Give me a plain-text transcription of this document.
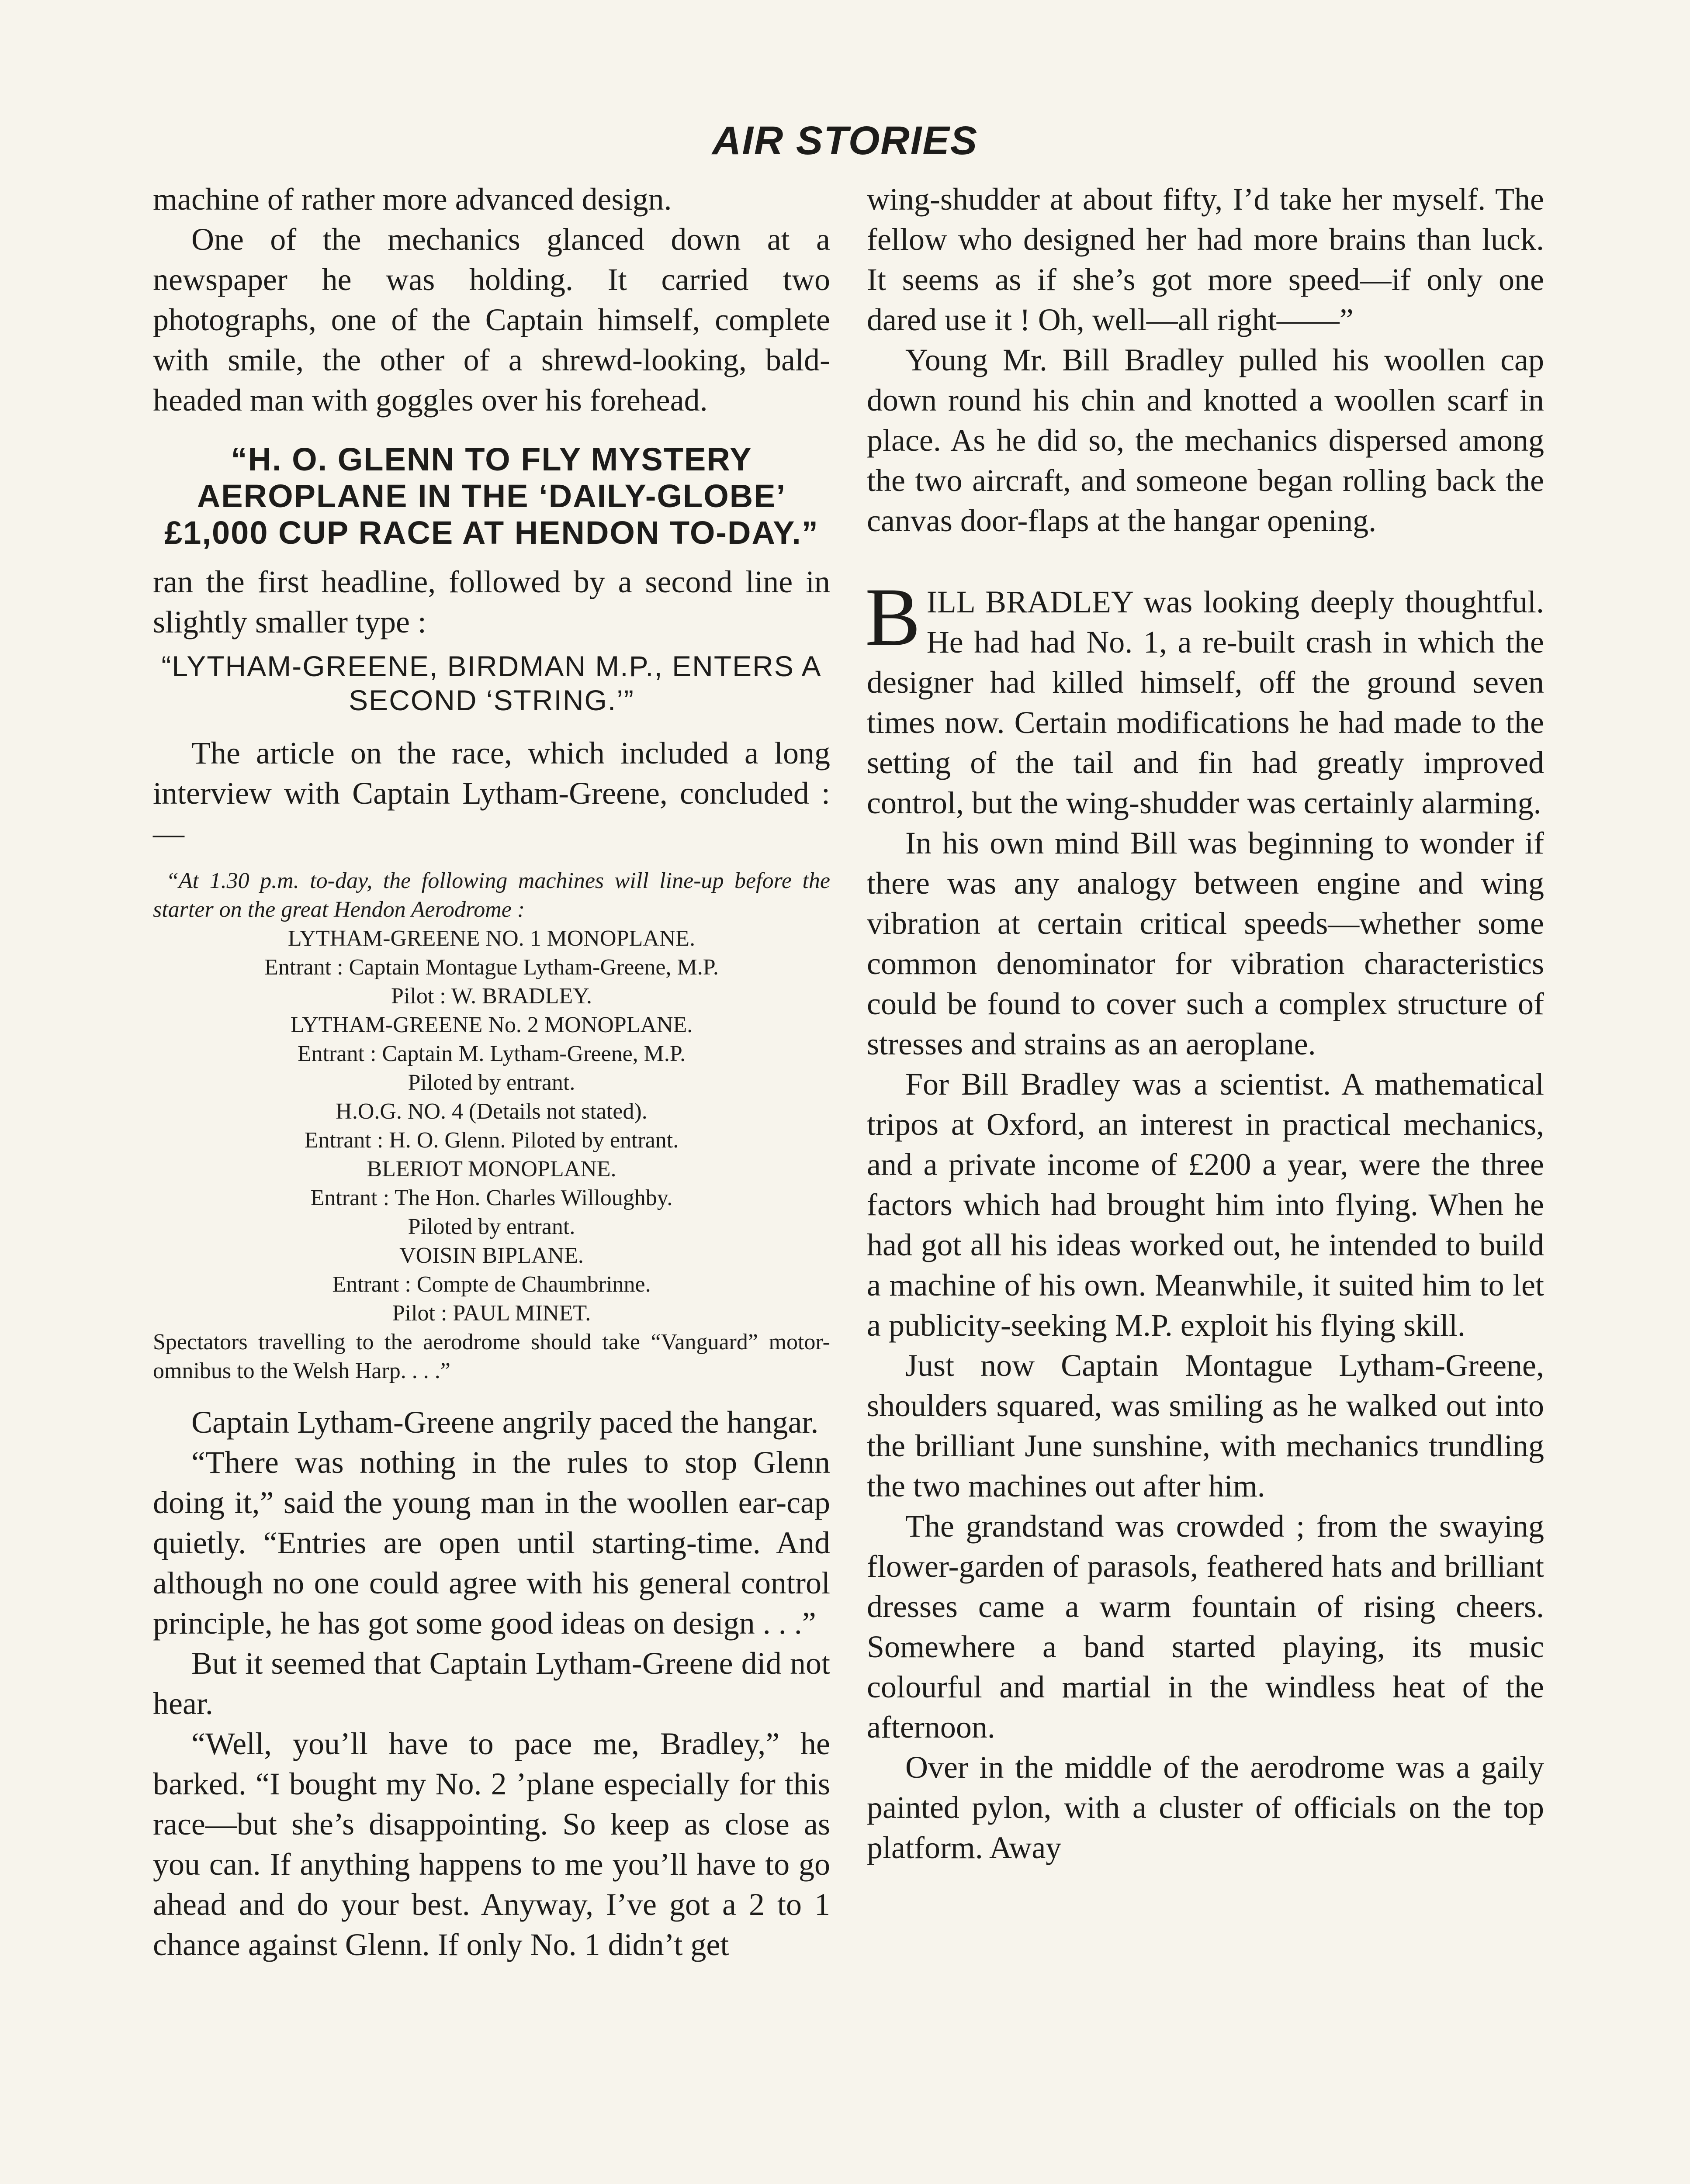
AIR STORIES

machine of rather more advanced design.

One of the mechanics glanced down at a newspaper he was holding. It carried two photographs, one of the Captain himself, complete with smile, the other of a shrewd-looking, bald-headed man with goggles over his forehead.

“H. O. GLENN TO FLY MYSTERY AEROPLANE IN THE ‘DAILY-GLOBE’ £1,000 CUP RACE AT HENDON TO-DAY.”

ran the first headline, followed by a second line in slightly smaller type :

“LYTHAM-GREENE, BIRDMAN M.P., ENTERS A SECOND ‘STRING.’”

The article on the race, which included a long interview with Captain Lytham-Greene, concluded :—

“At 1.30 p.m. to-day, the following machines will line-up before the starter on the great Hendon Aerodrome :

LYTHAM-GREENE NO. 1 MONOPLANE.

Entrant : Captain Montague Lytham-Greene, M.P.

Pilot : W. BRADLEY.

LYTHAM-GREENE No. 2 MONOPLANE.

Entrant : Captain M. Lytham-Greene, M.P.

Piloted by entrant.

H.O.G. NO. 4 (Details not stated).

Entrant : H. O. Glenn. Piloted by entrant.

BLERIOT MONOPLANE.

Entrant : The Hon. Charles Willoughby.

Piloted by entrant.

VOISIN BIPLANE.

Entrant : Compte de Chaumbrinne.

Pilot : PAUL MINET.

Spectators travelling to the aerodrome should take “Vanguard” motor-omnibus to the Welsh Harp. . . .”

Captain Lytham-Greene angrily paced the hangar.

“There was nothing in the rules to stop Glenn doing it,” said the young man in the woollen ear-cap quietly. “Entries are open until starting-time. And although no one could agree with his general control principle, he has got some good ideas on design . . .”

But it seemed that Captain Lytham-Greene did not hear.

“Well, you’ll have to pace me, Bradley,” he barked. “I bought my No. 2 ’plane especially for this race—but she’s disappointing. So keep as close as you can. If anything happens to me you’ll have to go ahead and do your best. Anyway, I’ve got a 2 to 1 chance against Glenn. If only No. 1 didn’t get

wing-shudder at about fifty, I’d take her myself. The fellow who designed her had more brains than luck. It seems as if she’s got more speed—if only one dared use it ! Oh, well—all right——”

Young Mr. Bill Bradley pulled his woollen cap down round his chin and knotted a woollen scarf in place. As he did so, the mechanics dispersed among the two aircraft, and someone began rolling back the canvas door-flaps at the hangar opening.

BILL BRADLEY was looking deeply thoughtful. He had had No. 1, a re-built crash in which the designer had killed himself, off the ground seven times now. Certain modifications he had made to the setting of the tail and fin had greatly improved control, but the wing-shudder was certainly alarming.

In his own mind Bill was beginning to wonder if there was any analogy between engine and wing vibration at certain critical speeds—whether some common denominator for vibration characteristics could be found to cover such a complex structure of stresses and strains as an aeroplane.

For Bill Bradley was a scientist. A mathematical tripos at Oxford, an interest in practical mechanics, and a private income of £200 a year, were the three factors which had brought him into flying. When he had got all his ideas worked out, he intended to build a machine of his own. Meanwhile, it suited him to let a publicity-seeking M.P. exploit his flying skill.

Just now Captain Montague Lytham-Greene, shoulders squared, was smiling as he walked out into the brilliant June sunshine, with mechanics trundling the two machines out after him.

The grandstand was crowded ; from the swaying flower-garden of parasols, feathered hats and brilliant dresses came a warm fountain of rising cheers. Somewhere a band started playing, its music colourful and martial in the windless heat of the afternoon.

Over in the middle of the aerodrome was a gaily painted pylon, with a cluster of officials on the top platform. Away
